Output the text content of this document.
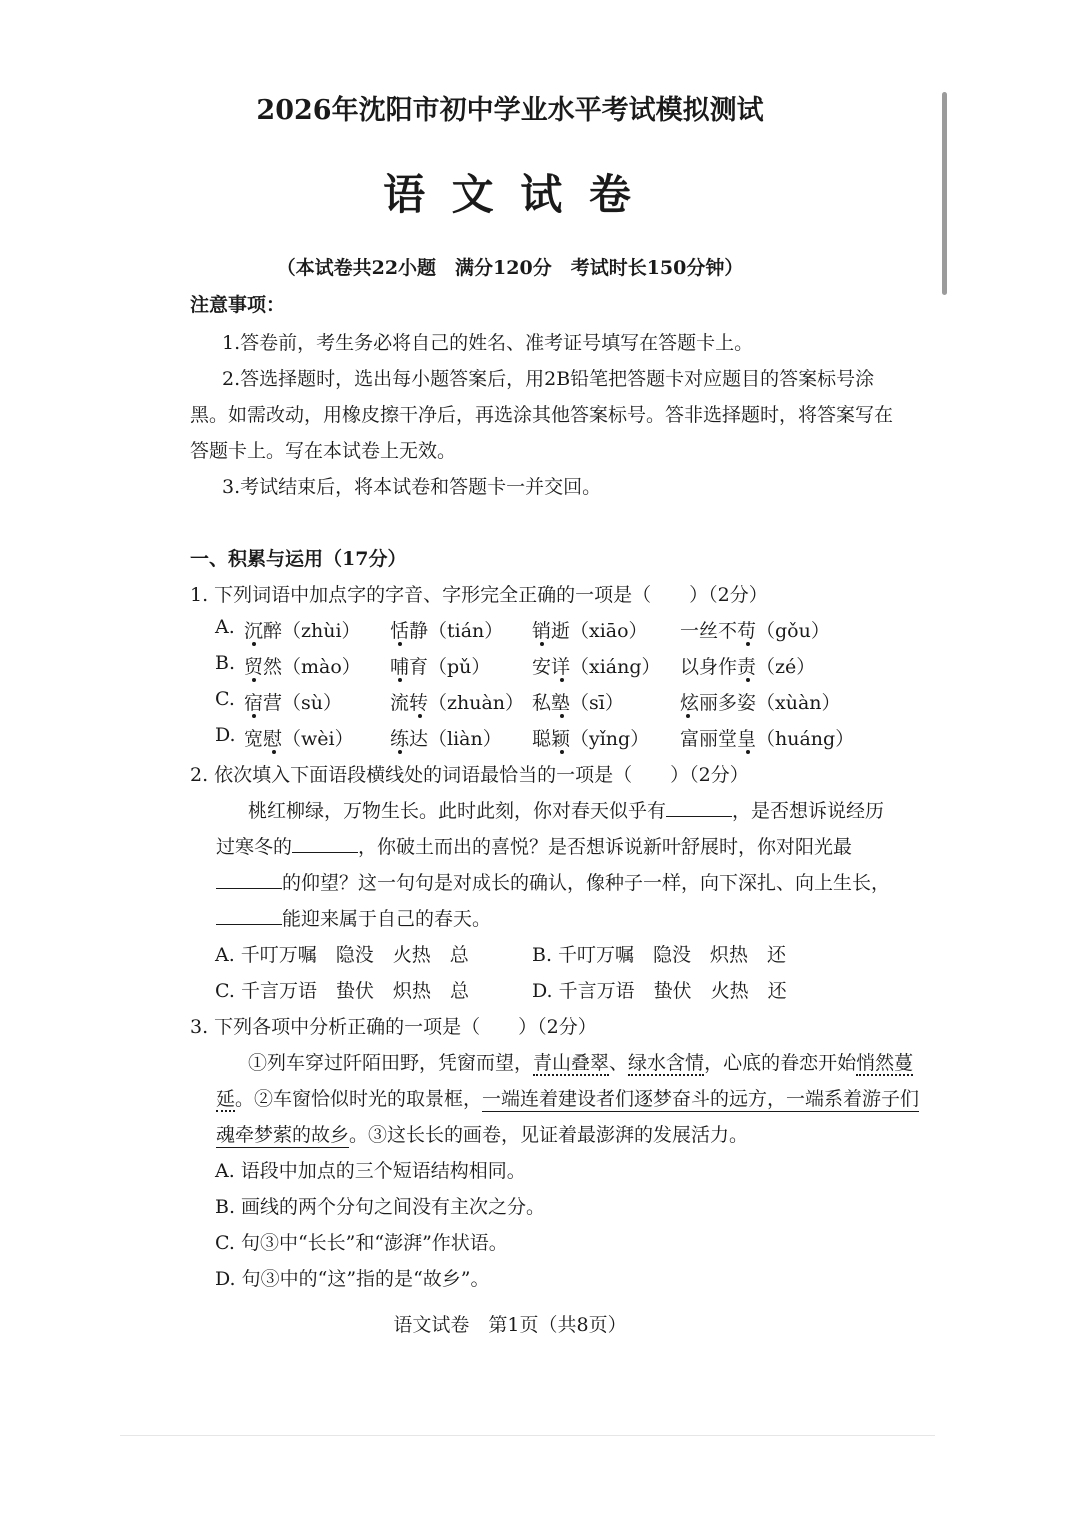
2026年沈阳市初中学业水平考试模拟测试
语 文 试 卷
（本试卷共22小题　满分120分　考试时长150分钟）
注意事项：
1.答卷前，考生务必将自己的姓名、准考证号填写在答题卡上。
2.答选择题时，选出每小题答案后，用2B铅笔把答题卡对应题目的答案标号涂
黑。如需改动，用橡皮擦干净后，再选涂其他答案标号。答非选择题时，将答案写在
答题卡上。写在本试卷上无效。
3.考试结束后，将本试卷和答题卡一并交回。
一、积累与运用（17分）
1. 下列词语中加点字的字音、字形完全正确的一项是（　　）（2分）
A. 沉醉（zhùi） 恬静（tián） 销逝（xiāo） 一丝不苟（gǒu）
B. 贸然（mào） 哺育（pǔ） 安详（xiáng） 以身作责（zé）
C. 宿营（sù）	流转（zhuàn） 私塾（sī）	炫丽多姿（xùàn）
D. 宽慰（wèi） 练达（liàn） 聪颖（yǐng） 富丽堂皇（huáng）
2. 依次填入下面语段横线处的词语最恰当的一项是（　　）（2分）
桃红柳绿，万物生长。此时此刻，你对春天似乎有	，是否想诉说经历
过寒冬的	，你破土而出的喜悦？是否想诉说新叶舒展时，你对阳光最
的仰望？这一句句是对成长的确认，像种子一样，向下深扎、向上生长，
能迎来属于自己的春天。
A. 千叮万嘱　隐没　火热　总	B. 千叮万嘱　隐没　炽热　还
C. 千言万语　蛰伏　炽热　总	D. 千言万语　蛰伏　火热　还
3. 下列各项中分析正确的一项是（　　）（2分）
①列车穿过阡陌田野，凭窗而望，青山叠翠、绿水含情，心底的眷恋开始悄然蔓
延。②车窗恰似时光的取景框，一端连着建设者们逐梦奋斗的远方，一端系着游子们
魂牵梦萦的故乡。③这长长的画卷，见证着最澎湃的发展活力。
A. 语段中加点的三个短语结构相同。
B. 画线的两个分句之间没有主次之分。
C. 句③中“长长”和“澎湃”作状语。
D. 句③中的“这”指的是“故乡”。
语文试卷　第1页（共8页）
